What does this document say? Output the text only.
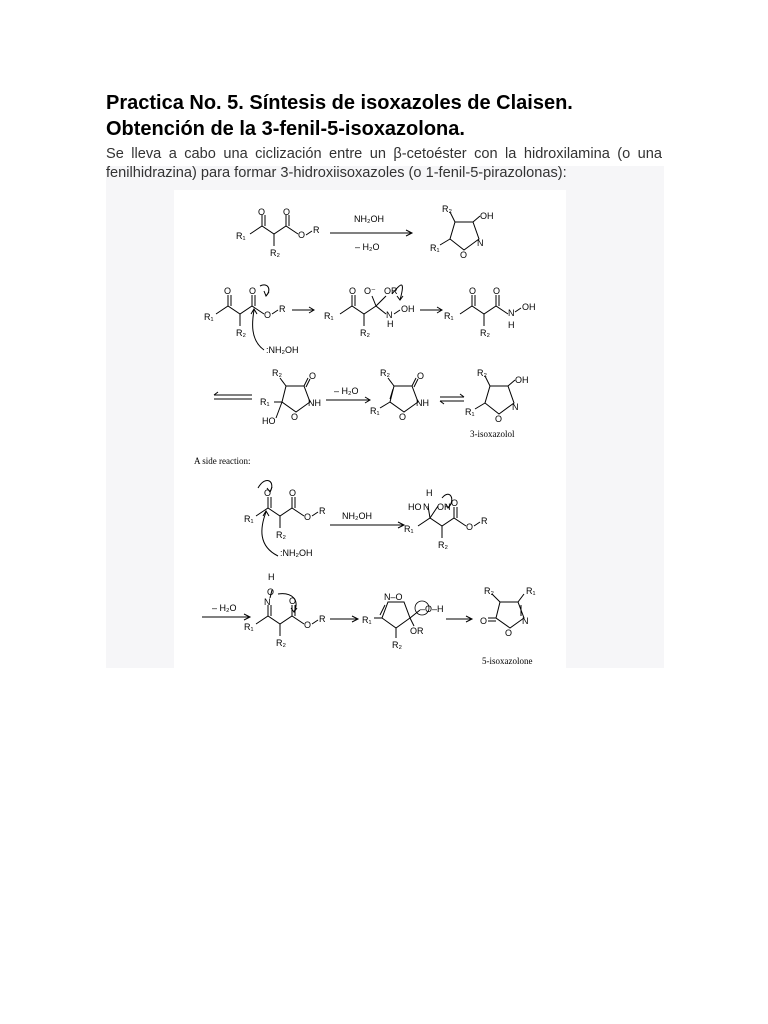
Practica No. 5. Síntesis de isoxazoles de Claisen.
Obtención de la 3-fenil-5-isoxazolona.
Se lleva a cabo una ciclización entre un β-cetoéster con la hidroxilamina (o una fenilhidrazina) para formar 3-hidroxiisoxazoles (o 1-fenil-5-pirazolonas):
O O
O R
R₁
R₂
NH₂OH
– H₂O
R₂
OH
N
O
R₁
O O
O
R
R₁
R₂
:NH₂OH
O O⁻ OR
N
OH
H
R₁
R₂
O O
N
OH
H
R₁
R₂
R₂	O
NH
O
R₁
HO
– H₂O
R₂	O
NH
O
R₁
R₂
OH
N
O
R₁
3-isoxazolol
A side reaction:
O O
O
R
R₁
R₂
:NH₂OH
NH₂OH
O
O
R
HO N
H
OH
R₁
R₂
– H₂O
H
O
N O
O
R
R₁
R₂
N–O
–O–H
OR
R₁
R₂
R₂	R₁
N
O
O
5-isoxazolone
